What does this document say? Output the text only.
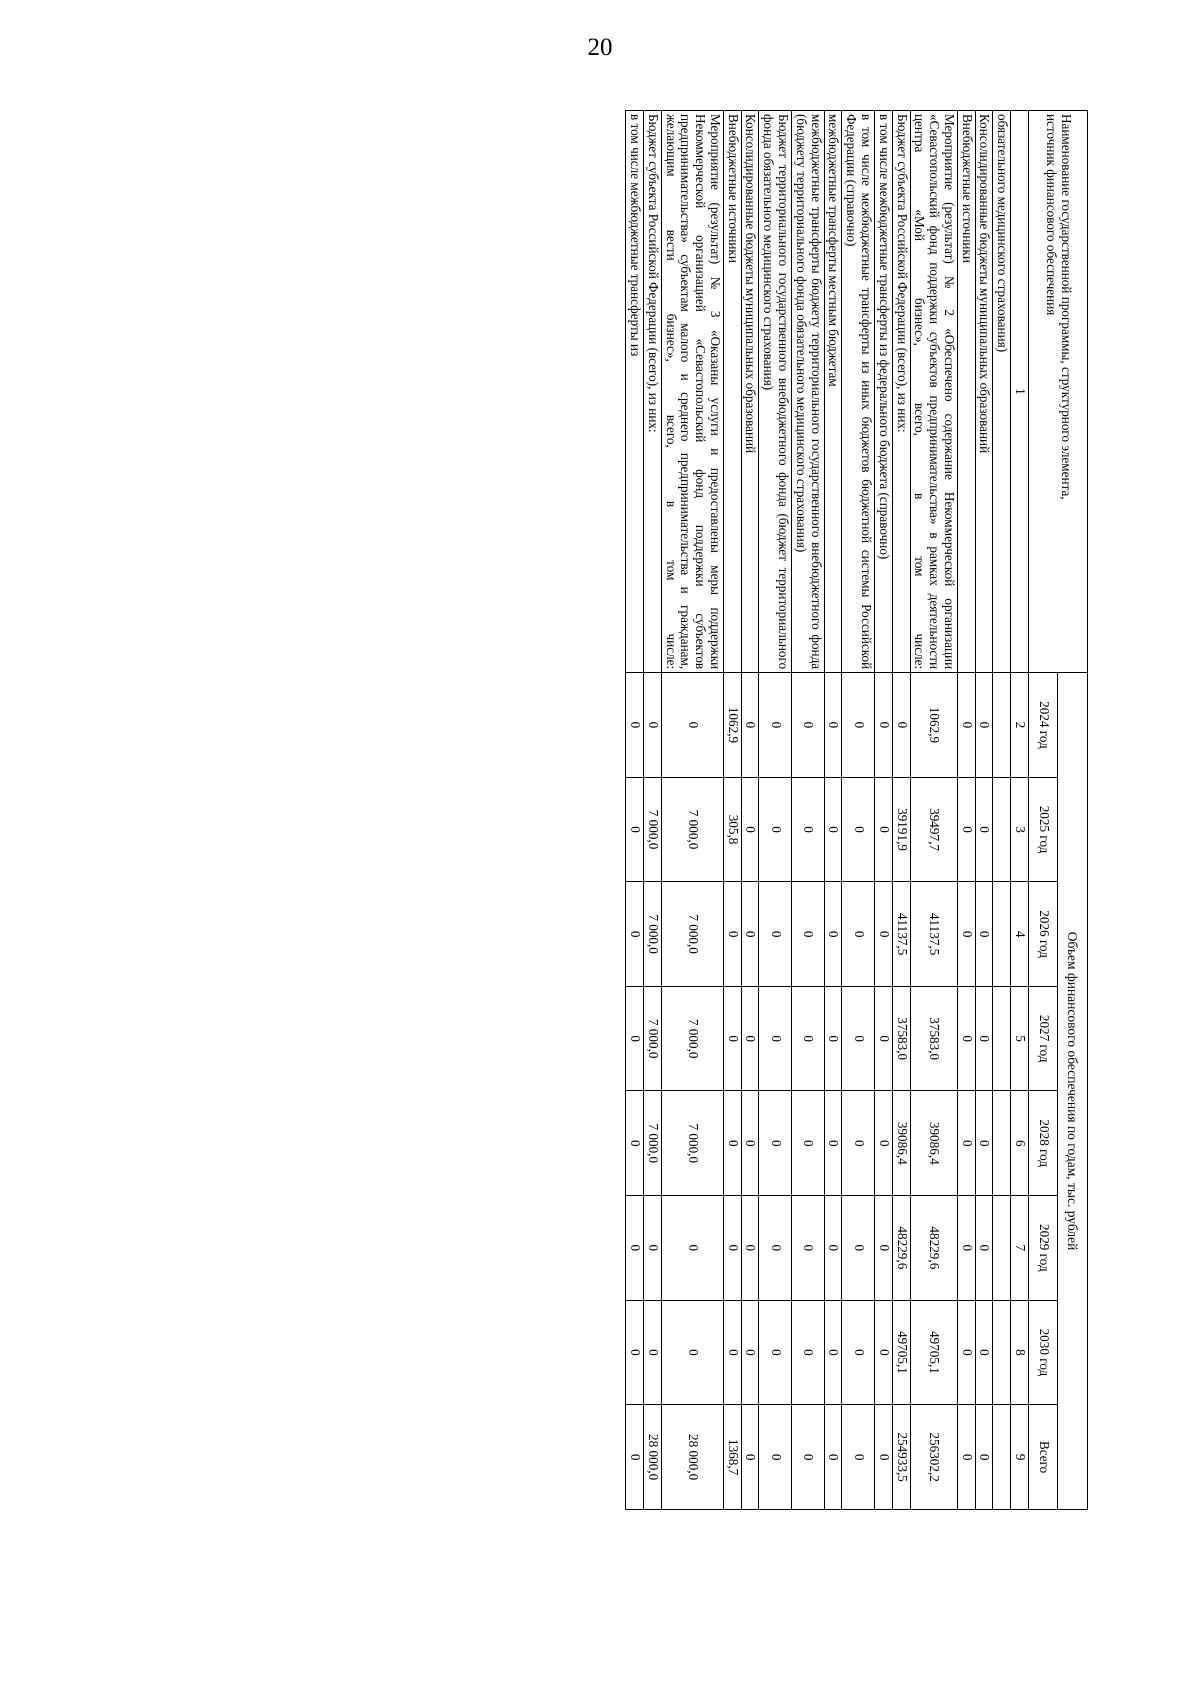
20
Наименование государственной программы, структурного элемента,
источник финансового обеспечения	Объем финансового обеспечения по годам, тыс. рублей							
	2024 год	2025 год	2026 год	2027 год	2028 год	2029 год	2030 год	Всего
1	2	3	4	5	6	7	8	9
обязательного медицинского страхования)								
Консолидированные бюджеты муниципальных образований	0	0	0	0	0	0	0	0
Внебюджетные источники	0	0	0	0	0	0	0	0
Мероприятие (результат) № 2 «Обеспечено содержание Некоммерческой организации «Севастопольский фонд поддержки субъектов предпринимательства» в рамках деятельности центра «Мой бизнес», всего, в том числе:	1062,9	39497,7	41137,5	37583,0	39086,4	48229,6	49705,1	256302,2
Бюджет субъекта Российской Федерации (всего), из них:	0	39191,9	41137,5	37583,0	39086,4	48229,6	49705,1	254933,5
в том числе межбюджетные трансферты из федерального бюджета (справочно)	0	0	0	0	0	0	0	0
в том числе межбюджетные трансферты из иных бюджетов бюджетной системы Российской Федерации (справочно)	0	0	0	0	0	0	0	0
межбюджетные трансферты местным бюджетам	0	0	0	0	0	0	0	0
межбюджетные трансферты бюджету территориального государственного внебюджетного фонда (бюджету территориального фонда обязательного медицинского страхования)	0	0	0	0	0	0	0	0
Бюджет территориального государственного внебюджетного фонда (бюджет территориального фонда обязательного медицинского страхования)	0	0	0	0	0	0	0	0
Консолидированные бюджеты муниципальных образований	0	0	0	0	0	0	0	0
Внебюджетные источники	1062,9	305,8	0	0	0	0	0	1368,7
Мероприятие (результат) № 3 «Оказаны услуги и предоставлены меры поддержки Некоммерческой организацией «Севастопольский фонд поддержки субъектов предпринимательства» субъектам малого и среднего предпринимательства и гражданам, желающим вести бизнес», всего, в том числе:	0	7 000,0	7 000,0	7 000,0	7 000,0	0	0	28 000,0
Бюджет субъекта Российской Федерации (всего), из них:	0	7 000,0	7 000,0	7 000,0	7 000,0	0	0	28 000,0
в том числе межбюджетные трансферты из	0	0	0	0	0	0	0	0
